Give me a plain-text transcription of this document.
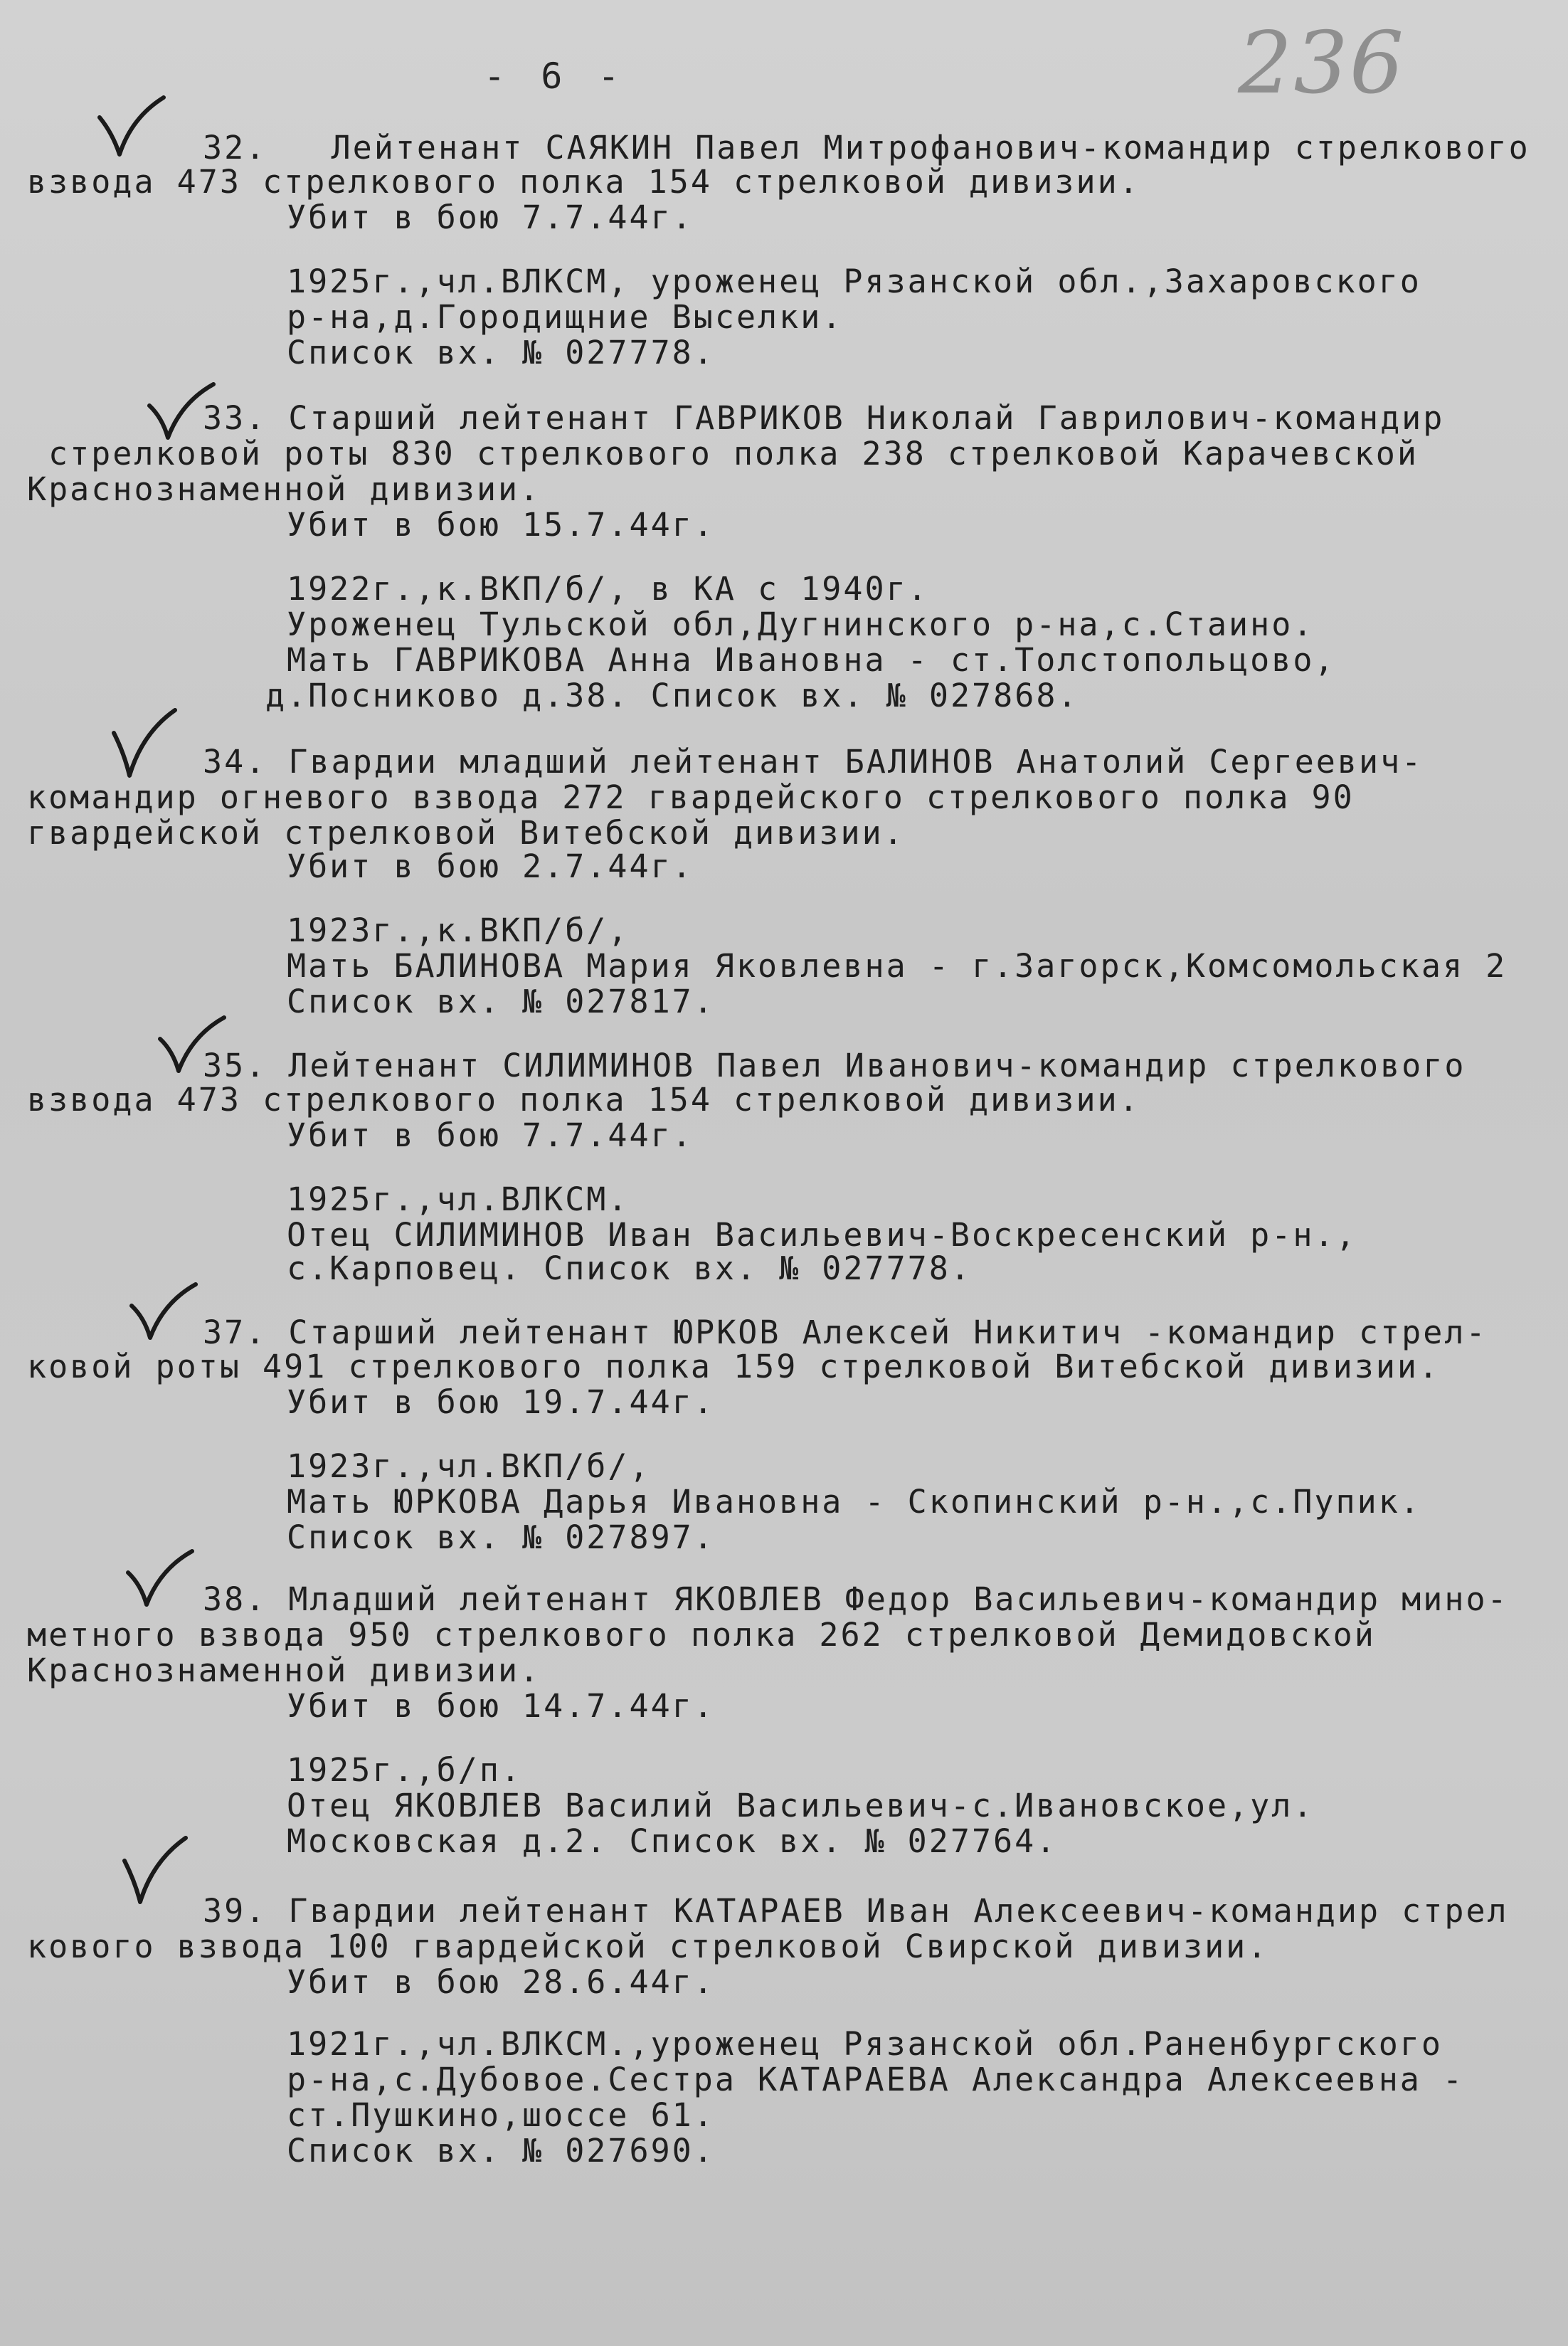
236
- 6 -
32.   Лейтенант САЯКИН Павел Митрофанович-командир стрелкового
взвода 473 стрелкового полка 154 стрелковой дивизии.
Убит в бою 7.7.44г.
1925г.,чл.ВЛКСМ, уроженец Рязанской обл.,Захаровского
р-на,д.Городищние Выселки.
Список вх. № 027778.
33. Старший лейтенант ГАВРИКОВ Николай Гаврилович-командир
стрелковой роты 830 стрелкового полка 238 стрелковой Карачевской
Краснознаменной дивизии.
Убит в бою 15.7.44г.
1922г.,к.ВКП/б/, в КА с 1940г.
Уроженец Тульской обл,Дугнинского р-на,с.Стаино.
Мать ГАВРИКОВА Анна Ивановна - ст.Толстопольцово,
д.Посниково д.38. Список вх. № 027868.
34. Гвардии младший лейтенант БАЛИНОВ Анатолий Сергеевич-
командир огневого взвода 272 гвардейского стрелкового полка 90
гвардейской стрелковой Витебской дивизии.
Убит в бою 2.7.44г.
1923г.,к.ВКП/б/,
Мать БАЛИНОВА Мария Яковлевна - г.Загорск,Комсомольская 2
Список вх. № 027817.
35. Лейтенант СИЛИМИНОВ Павел Иванович-командир стрелкового
взвода 473 стрелкового полка 154 стрелковой дивизии.
Убит в бою 7.7.44г.
1925г.,чл.ВЛКСМ.
Отец СИЛИМИНОВ Иван Васильевич-Воскресенский р-н.,
с.Карповец. Список вх. № 027778.
37. Старший лейтенант ЮРКОВ Алексей Никитич -командир стрел-
ковой роты 491 стрелкового полка 159 стрелковой Витебской дивизии.
Убит в бою 19.7.44г.
1923г.,чл.ВКП/б/,
Мать ЮРКОВА Дарья Ивановна - Скопинский р-н.,с.Пупик.
Список вх. № 027897.
38. Младший лейтенант ЯКОВЛЕВ Федор Васильевич-командир мино-
метного взвода 950 стрелкового полка 262 стрелковой Демидовской
Краснознаменной дивизии.
Убит в бою 14.7.44г.
1925г.,б/п.
Отец ЯКОВЛЕВ Василий Васильевич-с.Ивановское,ул.
Московская д.2. Список вх. № 027764.
39. Гвардии лейтенант КАТАРАЕВ Иван Алексеевич-командир стрел
кового взвода 100 гвардейской стрелковой Свирской дивизии.
Убит в бою 28.6.44г.
1921г.,чл.ВЛКСМ.,уроженец Рязанской обл.Раненбургского
р-на,с.Дубовое.Сестра КАТАРАЕВА Александра Алексеевна -
ст.Пушкино,шоссе 61.
Список вх. № 027690.
